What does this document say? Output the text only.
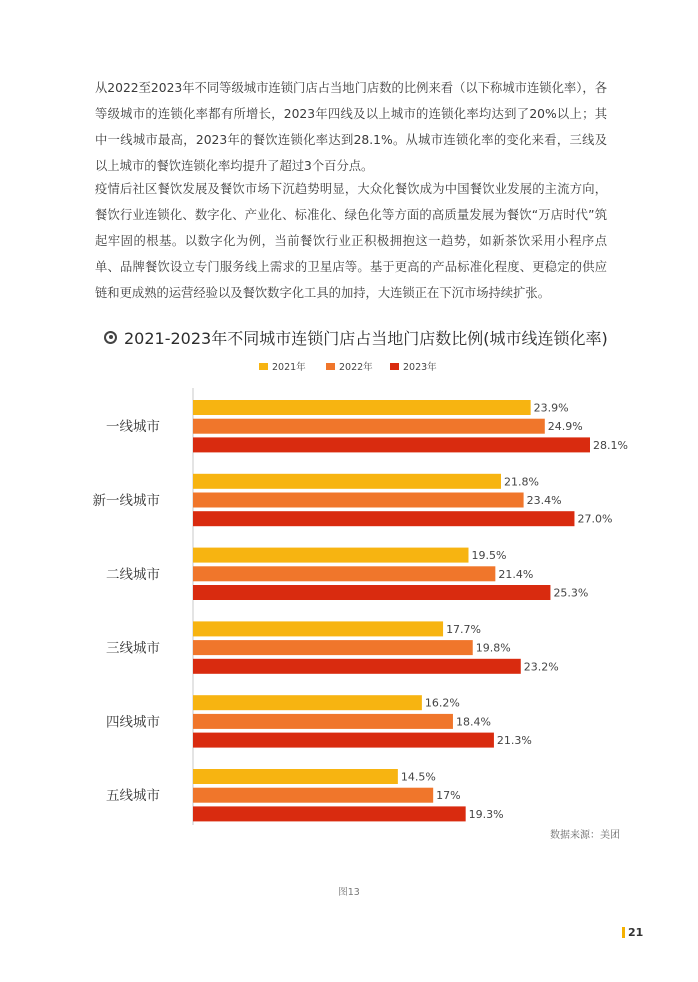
从2022至2023年不同等级城市连锁门店占当地门店数的比例来看（以下称城市连锁化率），各等级城市的连锁化率都有所增长，2023年四线及以上城市的连锁化率均达到了20%以上；其中一线城市最高，2023年的餐饮连锁化率达到28.1%。从城市连锁化率的变化来看，三线及以上城市的餐饮连锁化率均提升了超过3个百分点。

疫情后社区餐饮发展及餐饮市场下沉趋势明显，大众化餐饮成为中国餐饮业发展的主流方向，餐饮行业连锁化、数字化、产业化、标准化、绿色化等方面的高质量发展为餐饮“万店时代”筑起牢固的根基。以数字化为例，当前餐饮行业正积极拥抱这一趋势，如新茶饮采用小程序点单、品牌餐饮设立专门服务线上需求的卫星店等。基于更高的产品标准化程度、更稳定的供应链和更成熟的运营经验以及餐饮数字化工具的加持，大连锁正在下沉市场持续扩张。

2021-2023年不同城市连锁门店占当地门店数比例(城市线连锁化率)
2021年	2022年	2023年
一线城市
23.9%
24.9%
28.1%
新一线城市
21.8%
23.4%
27.0%
二线城市
19.5%
21.4%
25.3%
三线城市
17.7%
19.8%
23.2%
四线城市
16.2%
18.4%
21.3%
五线城市
14.5%
17%
19.3%
数据来源：美团
图13
21
